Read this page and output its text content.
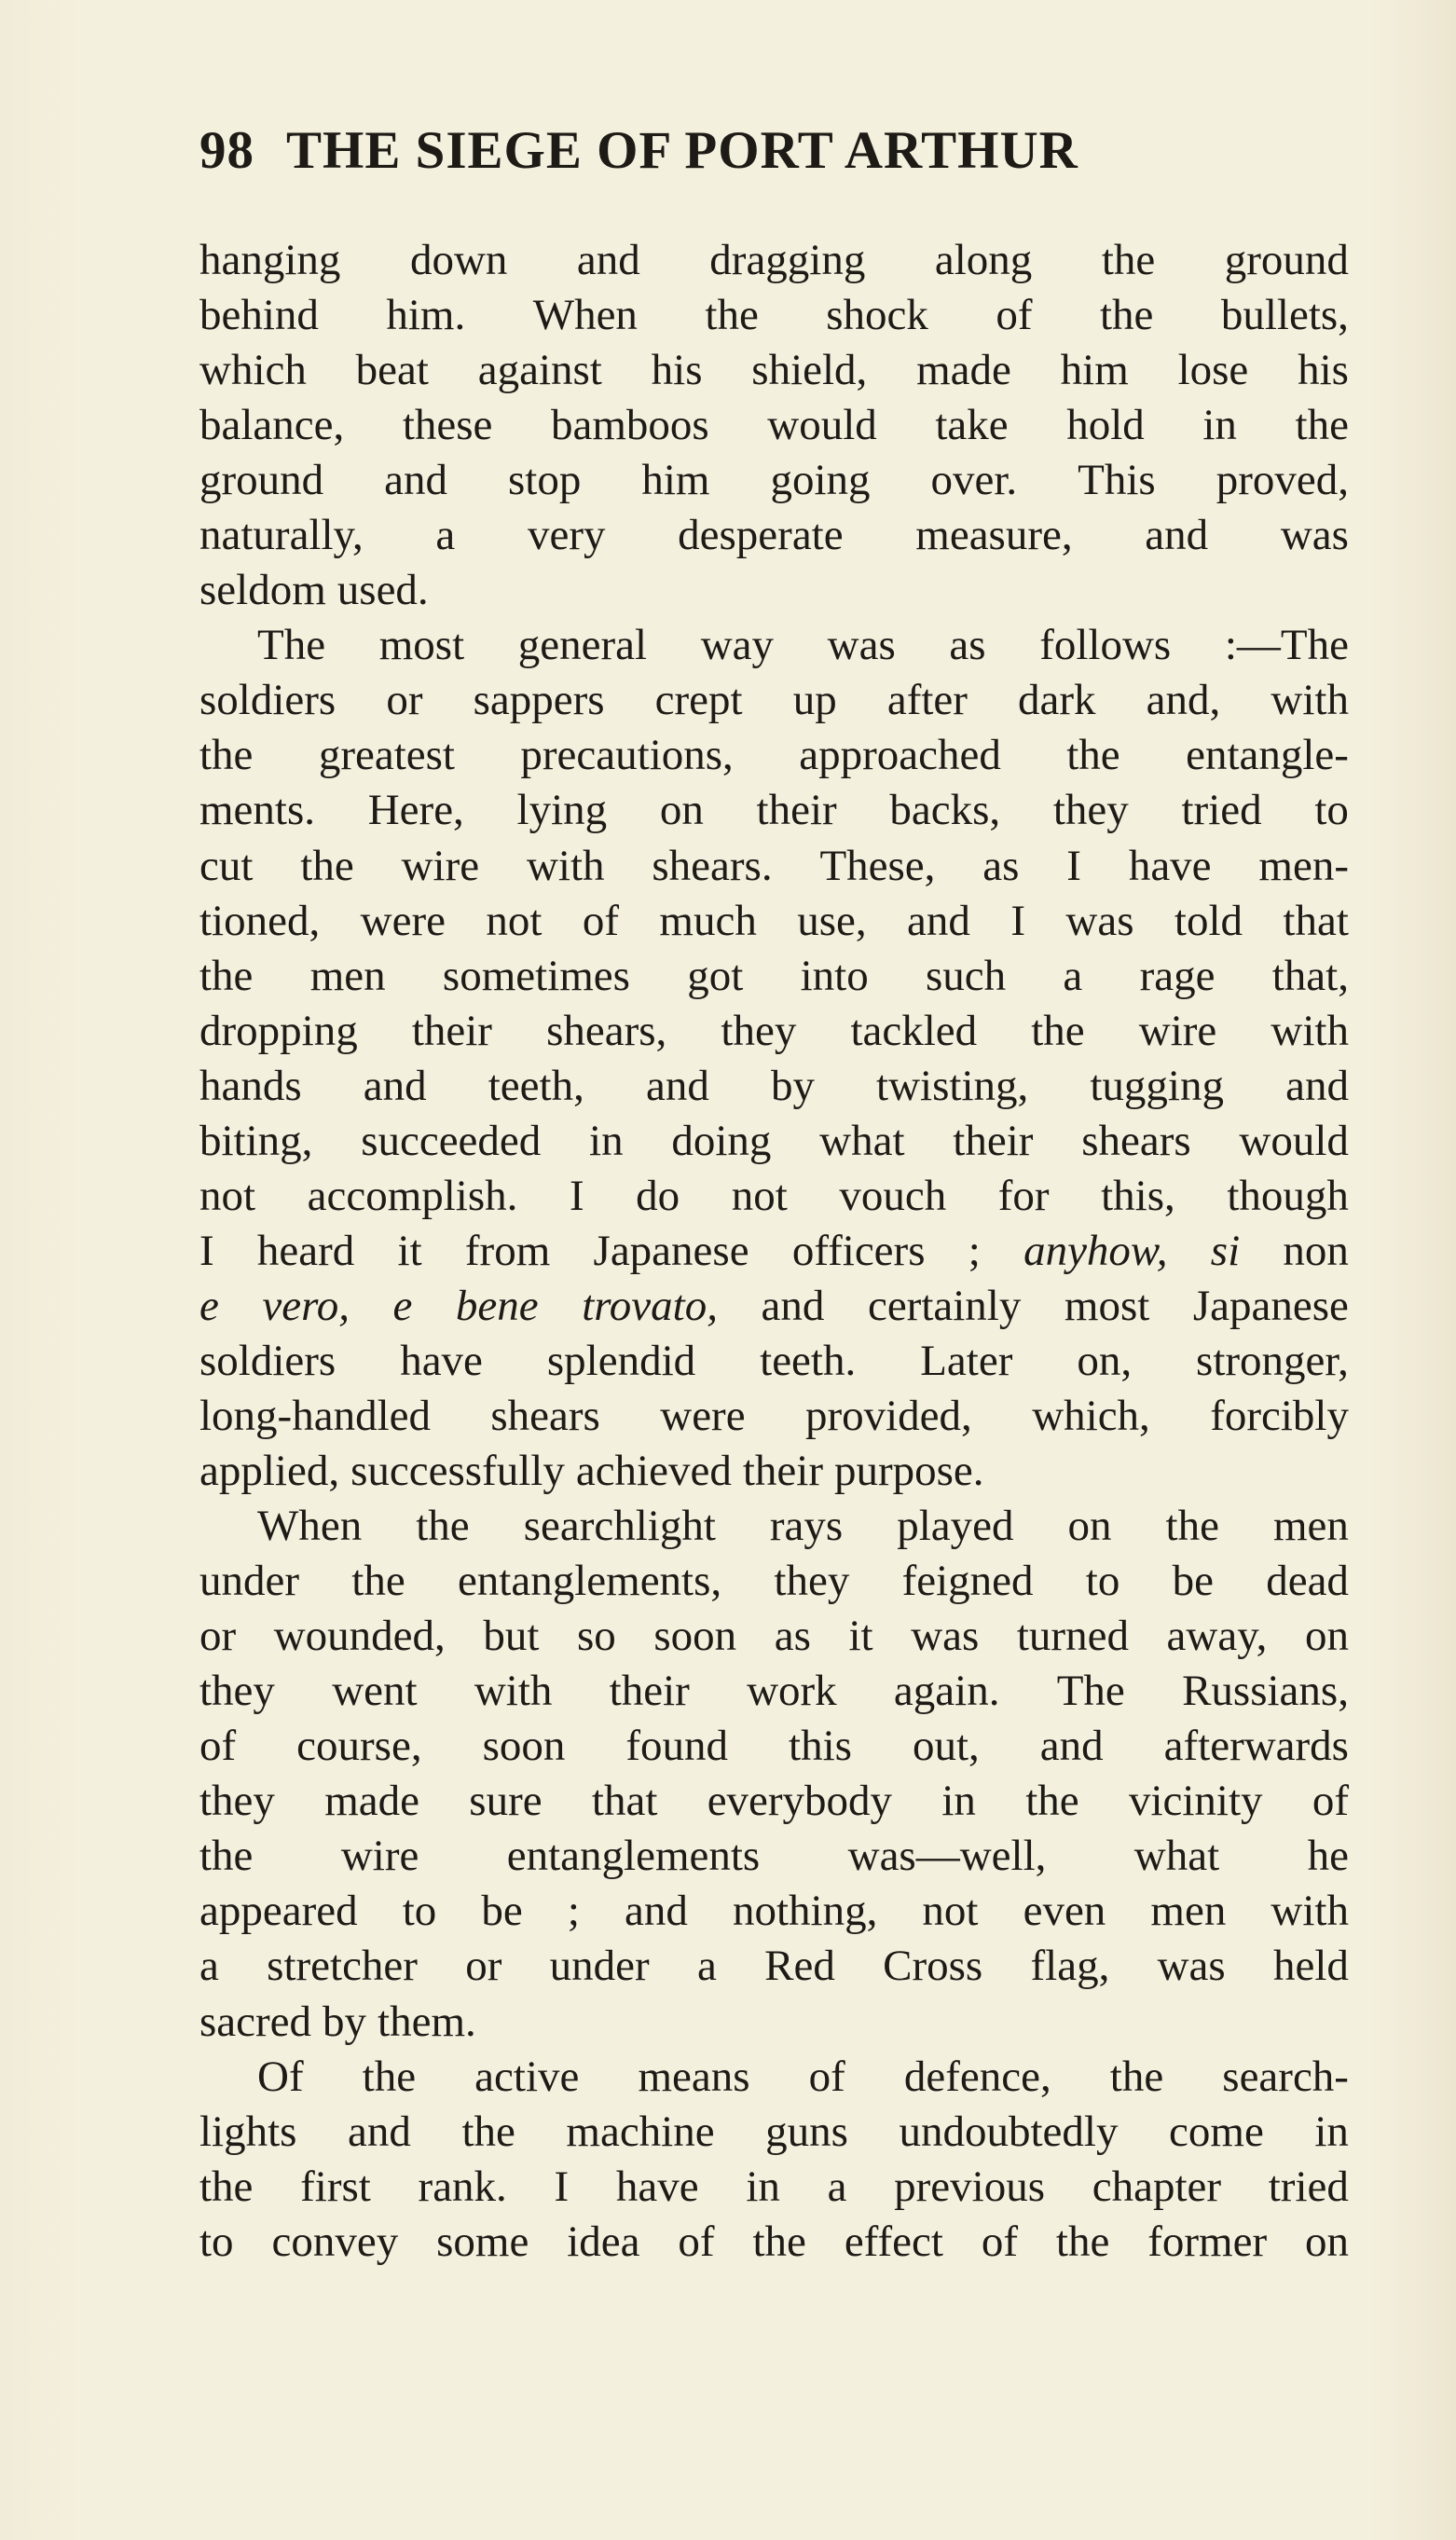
98 THE SIEGE OF PORT ARTHUR
hanging down and dragging along the ground
behind him. When the shock of the bullets,
which beat against his shield, made him lose his
balance, these bamboos would take hold in the
ground and stop him going over. This proved,
naturally, a very desperate measure, and was
seldom used.
The most general way was as follows :—The
soldiers or sappers crept up after dark and, with
the greatest precautions, approached the entangle-
ments. Here, lying on their backs, they tried to
cut the wire with shears. These, as I have men-
tioned, were not of much use, and I was told that
the men sometimes got into such a rage that,
dropping their shears, they tackled the wire with
hands and teeth, and by twisting, tugging and
biting, succeeded in doing what their shears would
not accomplish. I do not vouch for this, though
I heard it from Japanese officers ; anyhow, si non
e vero, e bene trovato, and certainly most Japanese
soldiers have splendid teeth. Later on, stronger,
long-handled shears were provided, which, forcibly
applied, successfully achieved their purpose.
When the searchlight rays played on the men
under the entanglements, they feigned to be dead
or wounded, but so soon as it was turned away, on
they went with their work again. The Russians,
of course, soon found this out, and afterwards
they made sure that everybody in the vicinity of
the wire entanglements was—well, what he
appeared to be ; and nothing, not even men with
a stretcher or under a Red Cross flag, was held
sacred by them.
Of the active means of defence, the search-
lights and the machine guns undoubtedly come in
the first rank. I have in a previous chapter tried
to convey some idea of the effect of the former on
